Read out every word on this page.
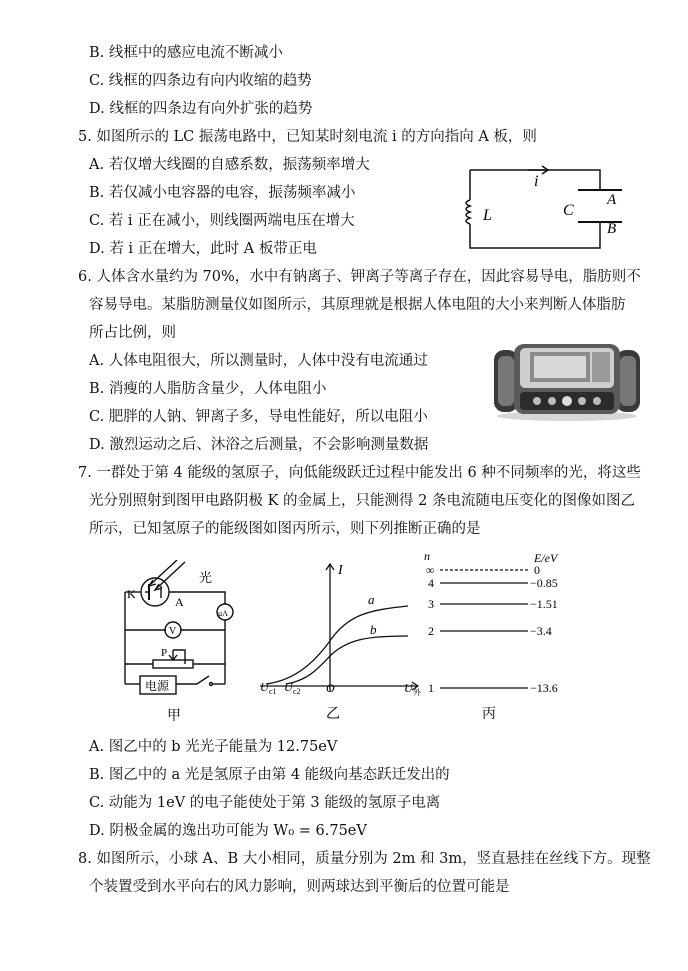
B. 线框中的感应电流不断减小
C. 线框的四条边有向内收缩的趋势
D. 线框的四条边有向外扩张的趋势
5. 如图所示的 LC 振荡电路中，已知某时刻电流 i 的方向指向 A 板，则
A. 若仅增大线圈的自感系数，振荡频率增大
B. 若仅减小电容器的电容，振荡频率减小
C. 若 i 正在减小，则线圈两端电压在增大
D. 若 i 正在增大，此时 A 板带正电
i
L	C
A
B
6. 人体含水量约为 70%，水中有钠离子、钾离子等离子存在，因此容易导电，脂肪则不
容易导电。某脂肪测量仪如图所示，其原理就是根据人体电阻的大小来判断人体脂肪
所占比例，则
A. 人体电阻很大，所以测量时，人体中没有电流通过
B. 消瘦的人脂肪含量少，人体电阻小
C. 肥胖的人钠、钾离子多，导电性能好，所以电阻小
D. 激烈运动之后、沐浴之后测量，不会影响测量数据
7. 一群处于第 4 能级的氢原子，向低能级跃迁过程中能发出 6 种不同频率的光，将这些
光分别照射到图甲电路阴极 K 的金属上，只能测得 2 条电流随电压变化的图像如图乙
所示，已知氢原子的能级图如图丙所示，则下列推断正确的是
光
K
A
μA
V
P
电源
甲
I
a
b
U c1 U c2 O	U 外
乙
n	E/eV
∞	0
4	−0.85
3	−1.51
2	−3.4
1	−13.6
丙
A. 图乙中的 b 光光子能量为 12.75eV
B. 图乙中的 a 光是氢原子由第 4 能级向基态跃迁发出的
C. 动能为 1eV 的电子能使处于第 3 能级的氢原子电离
D. 阴极金属的逸出功可能为 W₀ = 6.75eV
8. 如图所示，小球 A、B 大小相同，质量分别为 2m 和 3m，竖直悬挂在丝线下方。现整
个装置受到水平向右的风力影响，则两球达到平衡后的位置可能是
